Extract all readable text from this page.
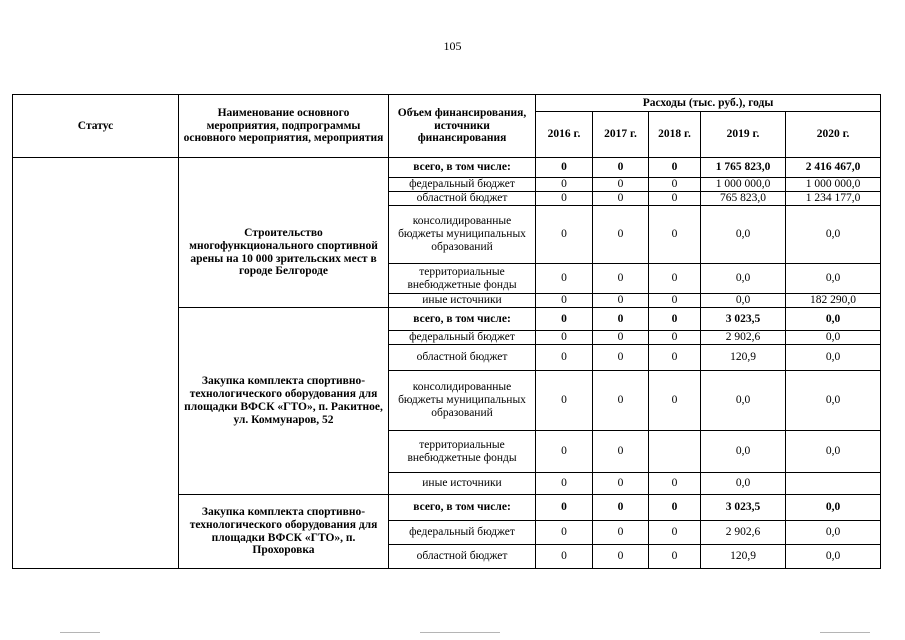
105
Статус	Наименование основного мероприятия, подпрограммы основного мероприятия, мероприятия	Объем финансирования, источники финансирования	Расходы (тыс. руб.), годы				
			2016 г.	2017 г.	2018 г.	2019 г.	2020 г.
	Строительство многофункционального спортивной арены на 10 000 зрительских мест в городе Белгороде	всего, в том числе:	0	0	0	1 765 823,0	2 416 467,0
		федеральный бюджет	0	0	0	1 000 000,0	1 000 000,0
		областной бюджет	0	0	0	765 823,0	1 234 177,0
		консолидированные бюджеты муниципальных образований	0	0	0	0,0	0,0
		территориальные внебюджетные фонды	0	0	0	0,0	0,0
		иные источники	0	0	0	0,0	182 290,0
	Закупка комплекта спортивно-технологического оборудования для площадки ВФСК «ГТО», п. Ракитное, ул. Коммунаров, 52	всего, в том числе:	0	0	0	3 023,5	0,0
		федеральный бюджет	0	0	0	2 902,6	0,0
		областной бюджет	0	0	0	120,9	0,0
		консолидированные бюджеты муниципальных образований	0	0	0	0,0	0,0
		территориальные внебюджетные фонды	0	0		0,0	0,0
		иные источники	0	0	0	0,0	
	Закупка комплекта спортивно-технологического оборудования для площадки ВФСК «ГТО», п. Прохоровка	всего, в том числе:	0	0	0	3 023,5	0,0
		федеральный бюджет	0	0	0	2 902,6	0,0
		областной бюджет	0	0	0	120,9	0,0
